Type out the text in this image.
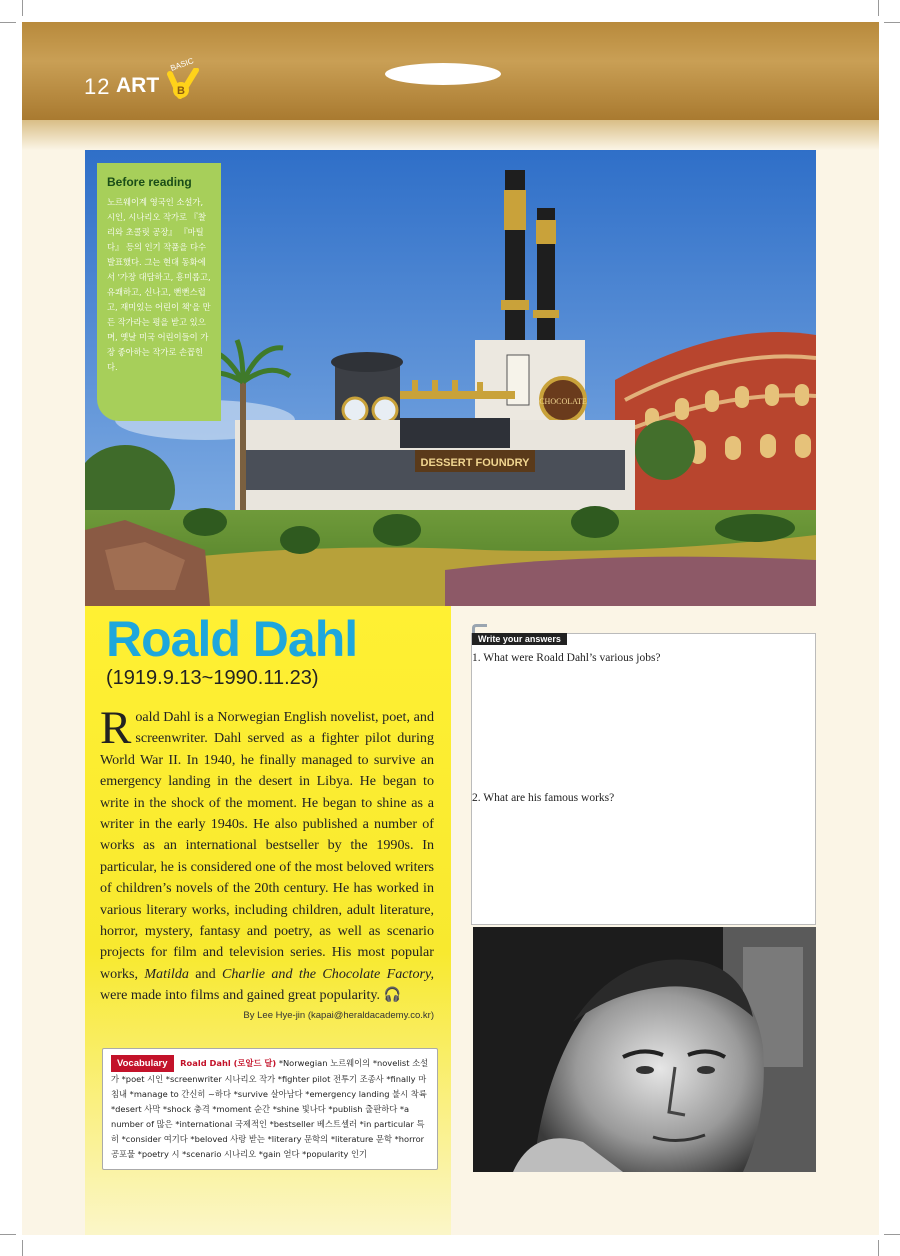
12 ART
BASIC
B
CHOCOLATE
DESSERT FOUNDRY
Before reading
노르웨이계 영국인 소설가, 시인, 시나리오 작가로 『찰리와 초콜릿 공장』 『마틸다』 등의 인기 작품을 다수 발표했다. 그는 현대 동화에서 '가장 대담하고, 흥미롭고, 유쾌하고, 신나고, 뻔뻔스럽고, 재미있는 어린이 책'을 만든 작가라는 평을 받고 있으며, 옛날 미국 어린이들이 가장 좋아하는 작가로 손꼽힌다.
Roald Dahl
(1919.9.13~1990.11.23)
Roald Dahl is a Norwegian English novelist, poet, and screenwriter. Dahl served as a fighter pilot during World War II. In 1940, he finally managed to survive an emergency landing in the desert in Libya. He began to write in the shock of the moment. He began to shine as a writer in the early 1940s. He also published a number of works as an international bestseller by the 1990s. In particular, he is considered one of the most beloved writers of children’s novels of the 20th century. He has worked in various literary works, including children, adult literature, horror, mystery, fantasy and poetry, as well as scenario projects for film and television series. His most popular works, Matilda and Charlie and the Chocolate Factory, were made into films and gained great popularity. 🎧
By Lee Hye-jin (kapai@heraldacademy.co.kr)
Vocabulary Roald Dahl (로알드 달) *Norwegian 노르웨이의 *novelist 소설가 *poet 시인 *screenwriter 시나리오 작가 *fighter pilot 전투기 조종사 *finally 마침내 *manage to 간신히 ~하다 *survive 살아남다 *emergency landing 불시 착륙 *desert 사막 *shock 충격 *moment 순간 *shine 빛나다 *publish 출판하다 *a number of 많은 *international 국제적인 *bestseller 베스트셀러 *in particular 특히 *consider 여기다 *beloved 사랑 받는 *literary 문학의 *literature 문학 *horror 공포물 *poetry 시 *scenario 시나리오 *gain 얻다 *popularity 인기
Write your answers
1. What were Roald Dahl’s various jobs?
2. What are his famous works?
